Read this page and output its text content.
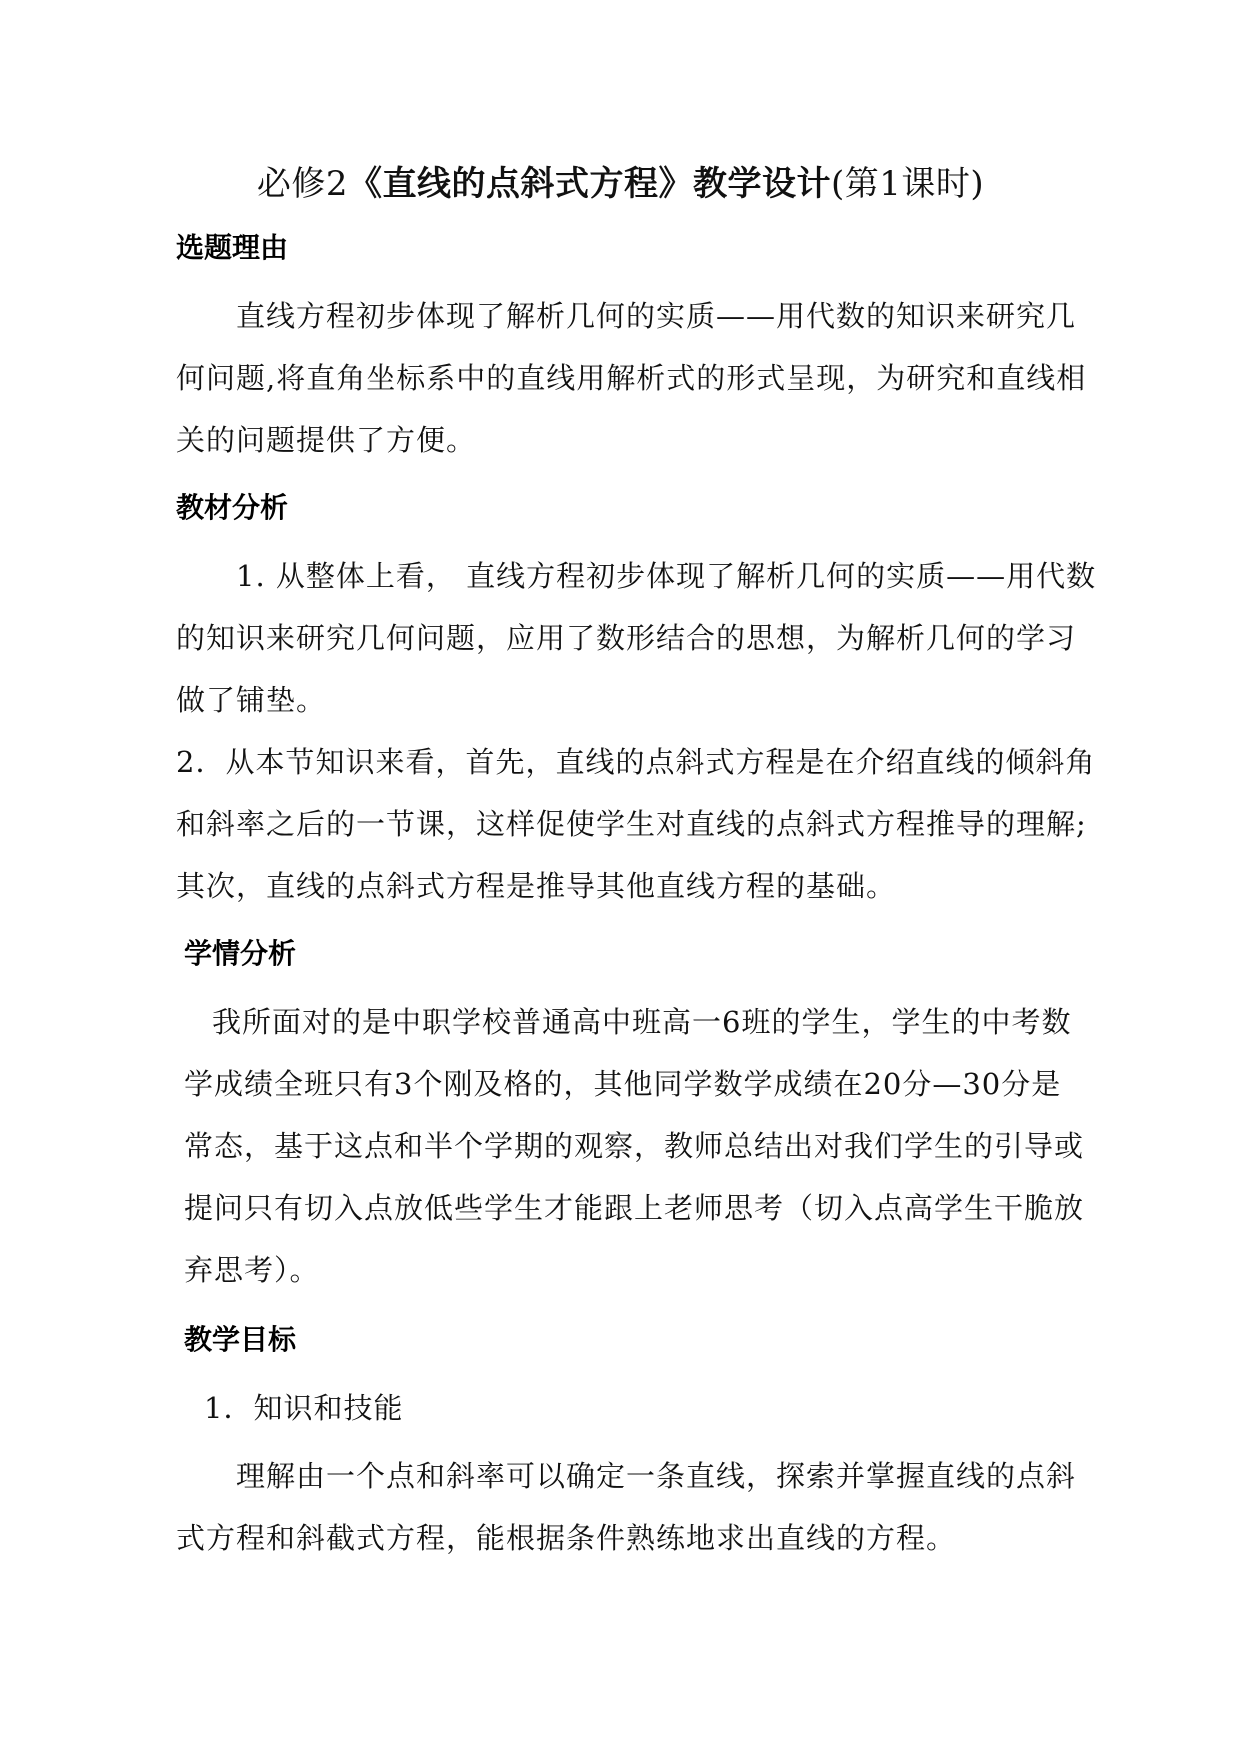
必修2《直线的点斜式方程》教学设计(第1课时)
选题理由
直线方程初步体现了解析几何的实质——用代数的知识来研究几
何问题,将直角坐标系中的直线用解析式的形式呈现，为研究和直线相
关的问题提供了方便。
教材分析
1. 从整体上看， 直线方程初步体现了解析几何的实质——用代数
的知识来研究几何问题，应用了数形结合的思想，为解析几何的学习
做了铺垫。
2．从本节知识来看，首先，直线的点斜式方程是在介绍直线的倾斜角
和斜率之后的一节课，这样促使学生对直线的点斜式方程推导的理解;
其次，直线的点斜式方程是推导其他直线方程的基础。
学情分析
我所面对的是中职学校普通高中班高一6班的学生，学生的中考数
学成绩全班只有3个刚及格的，其他同学数学成绩在20分—30分是
常态，基于这点和半个学期的观察，教师总结出对我们学生的引导或
提问只有切入点放低些学生才能跟上老师思考（切入点高学生干脆放
弃思考）。
教学目标
1．知识和技能
理解由一个点和斜率可以确定一条直线，探索并掌握直线的点斜
式方程和斜截式方程，能根据条件熟练地求出直线的方程。
